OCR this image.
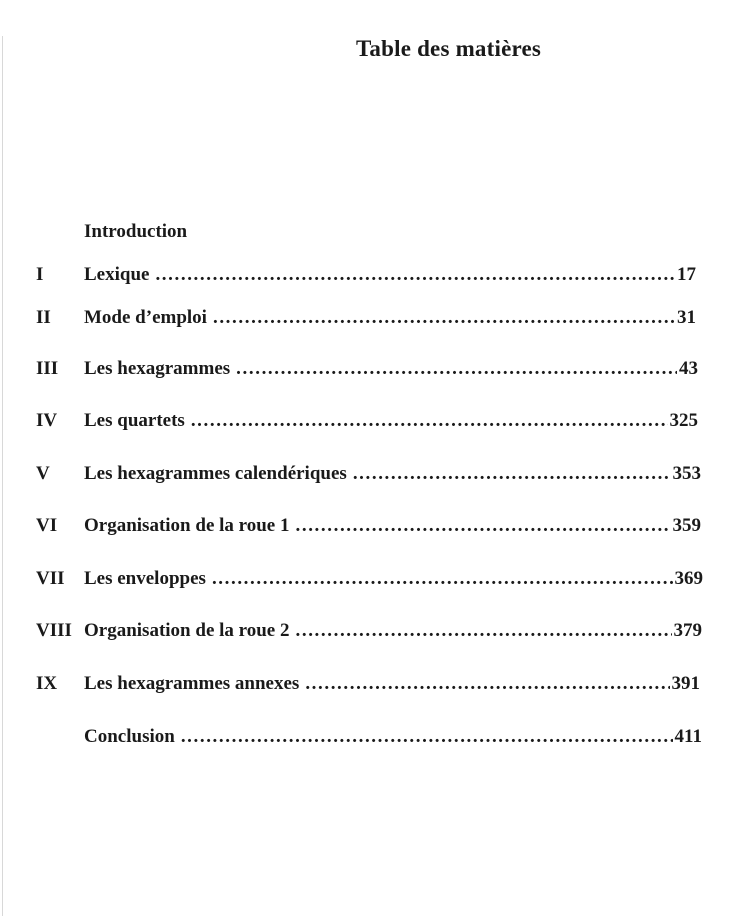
Table des matières
Introduction
I	Lexique .....	17
II	Mode d’emploi .....	31
III	Les hexagrammes .....	43
IV	Les quartets .....	325
V	Les hexagrammes calendériques .....	353
VI	Organisation de la roue 1 .....	359
VII	Les enveloppes .....	369
VIII Organisation de la roue 2 .....	379
IX	Les hexagrammes annexes .....	391
Conclusion .....	411
